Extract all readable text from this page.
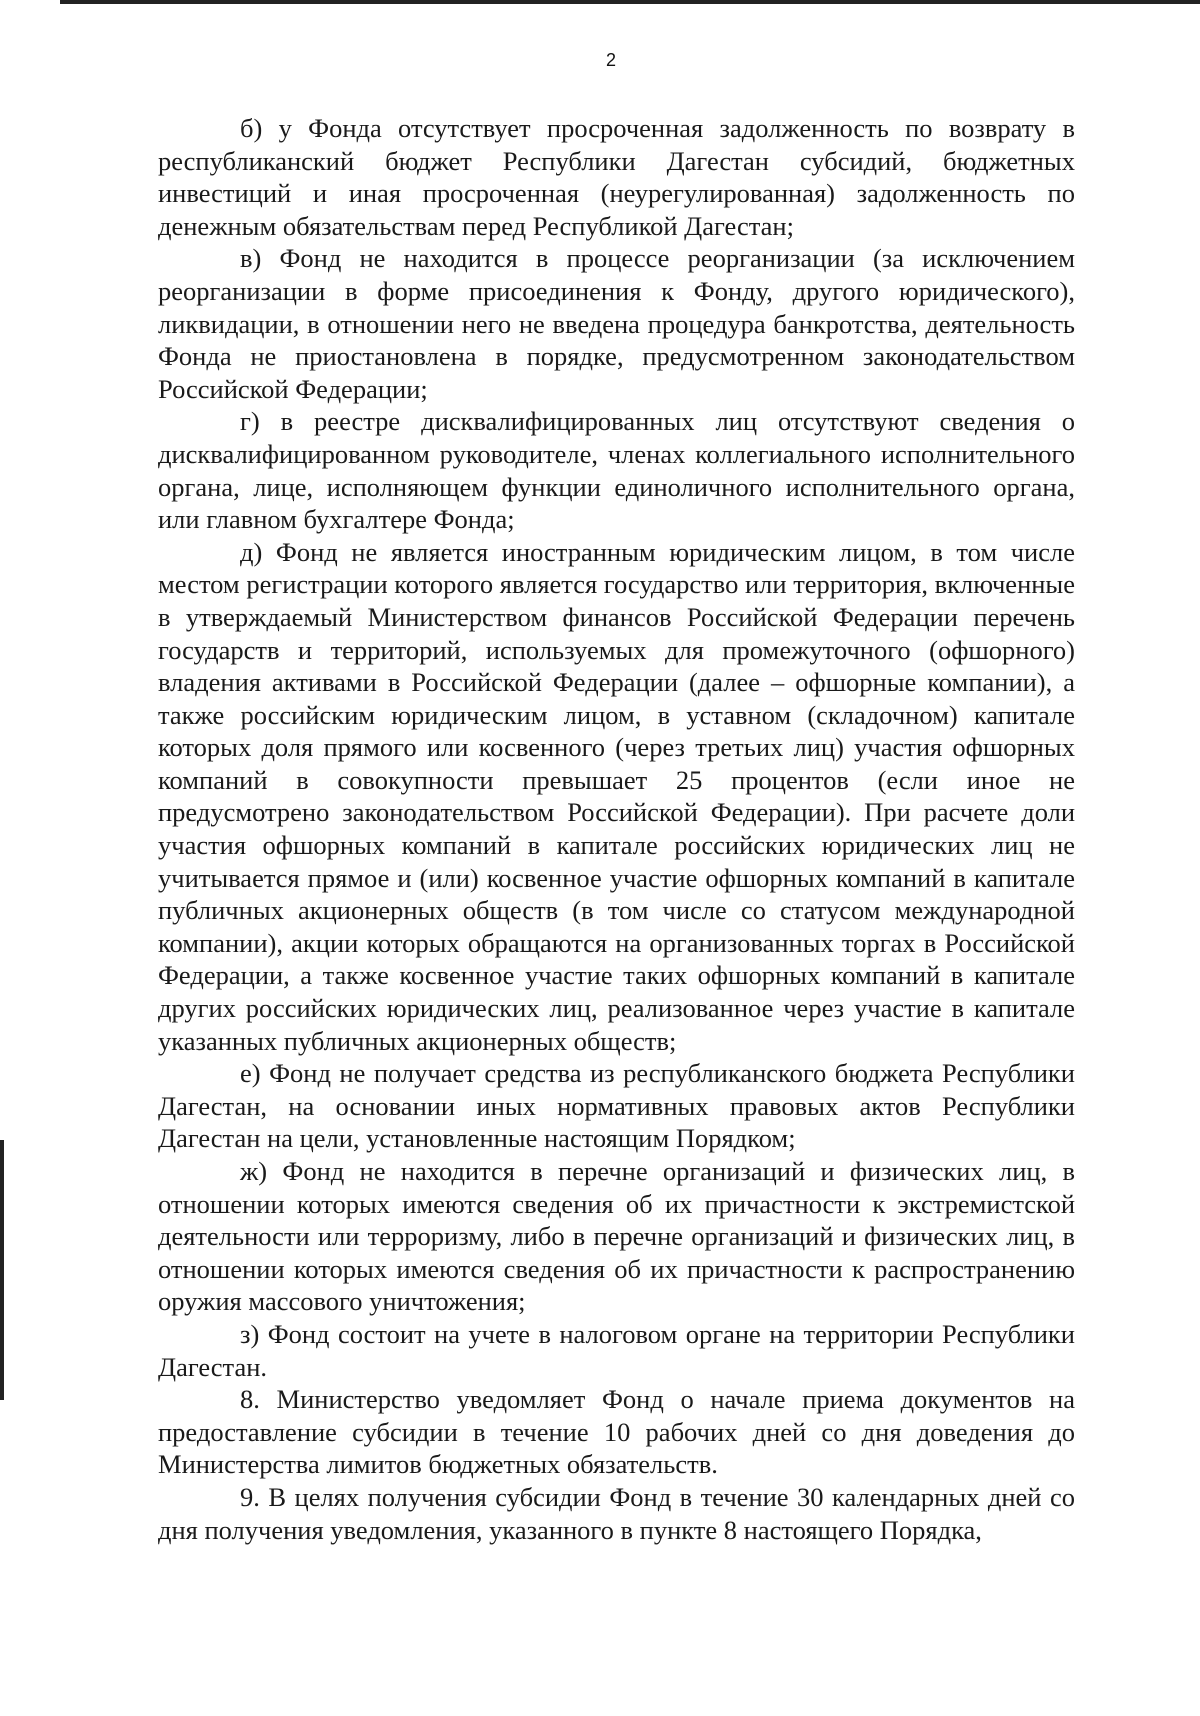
2

б) у Фонда отсутствует просроченная задолженность по возврату в республиканский бюджет Республики Дагестан субсидий, бюджетных инвестиций и иная просроченная (неурегулированная) задолженность по денежным обязательствам перед Республикой Дагестан;

в) Фонд не находится в процессе реорганизации (за исключением реорганизации в форме присоединения к Фонду, другого юридического), ликвидации, в отношении него не введена процедура банкротства, деятельность Фонда не приостановлена в порядке, предусмотренном законодательством Российской Федерации;

г) в реестре дисквалифицированных лиц отсутствуют сведения о дисквалифицированном руководителе, членах коллегиального исполнительного органа, лице, исполняющем функции единоличного исполнительного органа, или главном бухгалтере Фонда;

д) Фонд не является иностранным юридическим лицом, в том числе местом регистрации которого является государство или территория, включенные в утверждаемый Министерством финансов Российской Федерации перечень государств и территорий, используемых для промежуточного (офшорного) владения активами в Российской Федерации (далее – офшорные компании), а также российским юридическим лицом, в уставном (складочном) капитале которых доля прямого или косвенного (через третьих лиц) участия офшорных компаний в совокупности превышает 25 процентов (если иное не предусмотрено законодательством Российской Федерации). При расчете доли участия офшорных компаний в капитале российских юридических лиц не учитывается прямое и (или) косвенное участие офшорных компаний в капитале публичных акционерных обществ (в том числе со статусом международной компании), акции которых обращаются на организованных торгах в Российской Федерации, а также косвенное участие таких офшорных компаний в капитале других российских юридических лиц, реализованное через участие в капитале указанных публичных акционерных обществ;

е) Фонд не получает средства из республиканского бюджета Республики Дагестан, на основании иных нормативных правовых актов Республики Дагестан на цели, установленные настоящим Порядком;

ж) Фонд не находится в перечне организаций и физических лиц, в отношении которых имеются сведения об их причастности к экстремистской деятельности или терроризму, либо в перечне организаций и физических лиц, в отношении которых имеются сведения об их причастности к распространению оружия массового уничтожения;

з) Фонд состоит на учете в налоговом органе на территории Республики Дагестан.

8. Министерство уведомляет Фонд о начале приема документов на предоставление субсидии в течение 10 рабочих дней со дня доведения до Министерства лимитов бюджетных обязательств.

9. В целях получения субсидии Фонд в течение 30 календарных дней со дня получения уведомления, указанного в пункте 8 настоящего Порядка,
